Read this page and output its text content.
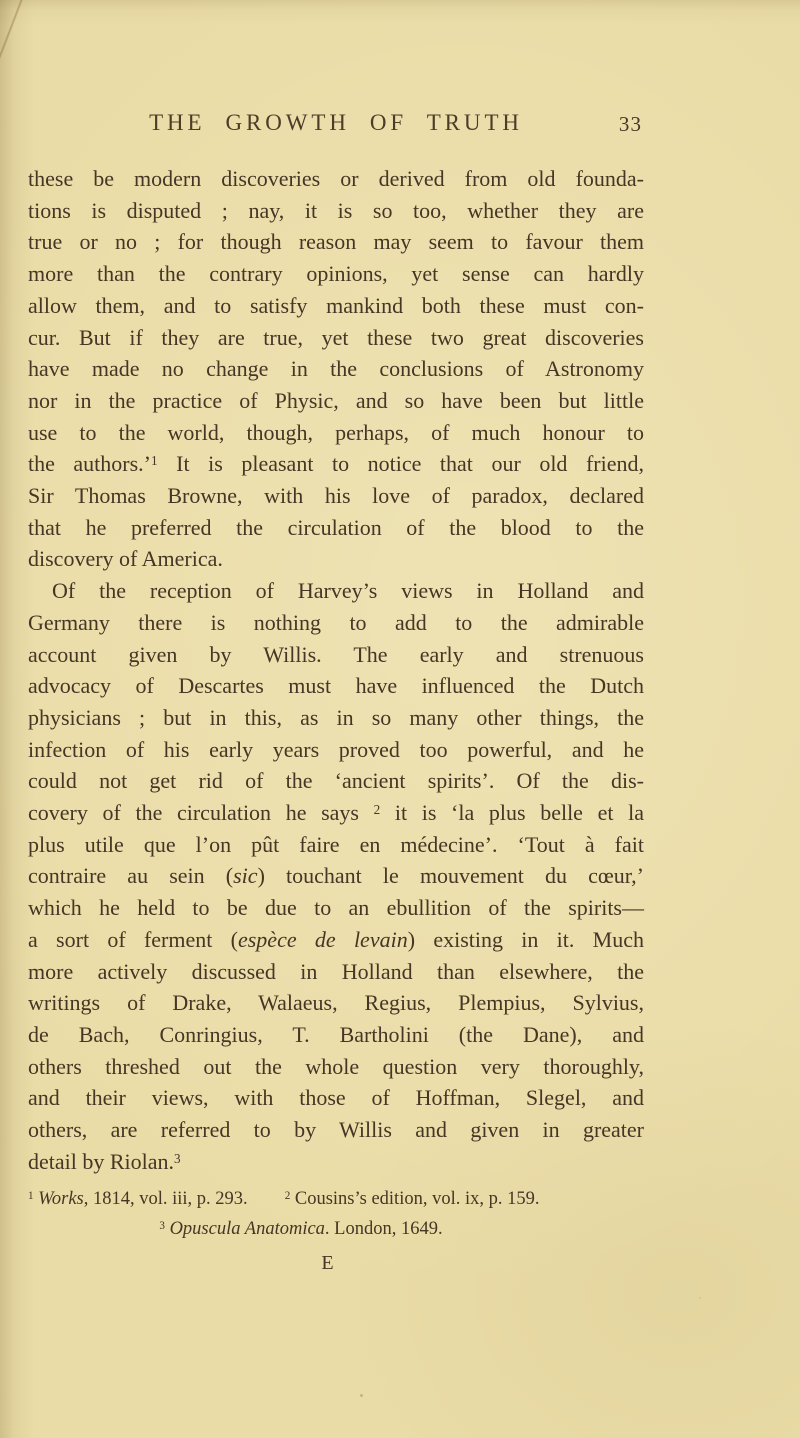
THE GROWTH OF TRUTH	33
these be modern discoveries or derived from old founda-
tions is disputed ; nay, it is so too, whether they are
true or no ; for though reason may seem to favour them
more than the contrary opinions, yet sense can hardly
allow them, and to satisfy mankind both these must con-
cur. But if they are true, yet these two great discoveries
have made no change in the conclusions of Astronomy
nor in the practice of Physic, and so have been but little
use to the world, though, perhaps, of much honour to
the authors.’$^1$ It is pleasant to notice that our old friend,
Sir Thomas Browne, with his love of paradox, declared
that he preferred the circulation of the blood to the
discovery of America.
Of the reception of Harvey’s views in Holland and
Germany there is nothing to add to the admirable
account given by Willis. The early and strenuous
advocacy of Descartes must have influenced the Dutch
physicians ; but in this, as in so many other things, the
infection of his early years proved too powerful, and he
could not get rid of the ‘ancient spirits’. Of the dis-
covery of the circulation he says $^2$ it is ‘la plus belle et la
plus utile que l’on pût faire en médecine’. ‘Tout à fait
contraire au sein (sic) touchant le mouvement du cœur,’
which he held to be due to an ebullition of the spirits—
a sort of ferment (espèce de levain) existing in it. Much
more actively discussed in Holland than elsewhere, the
writings of Drake, Walaeus, Regius, Plempius, Sylvius,
de Bach, Conringius, T. Bartholini (the Dane), and
others threshed out the whole question very thoroughly,
and their views, with those of Hoffman, Slegel, and
others, are referred to by Willis and given in greater
detail by Riolan.$^3$
$^1$ Works, 1814, vol. iii, p. 293.    $^2$ Cousins’s edition, vol. ix, p. 159.
$^3$ Opuscula Anatomica. London, 1649.
E
